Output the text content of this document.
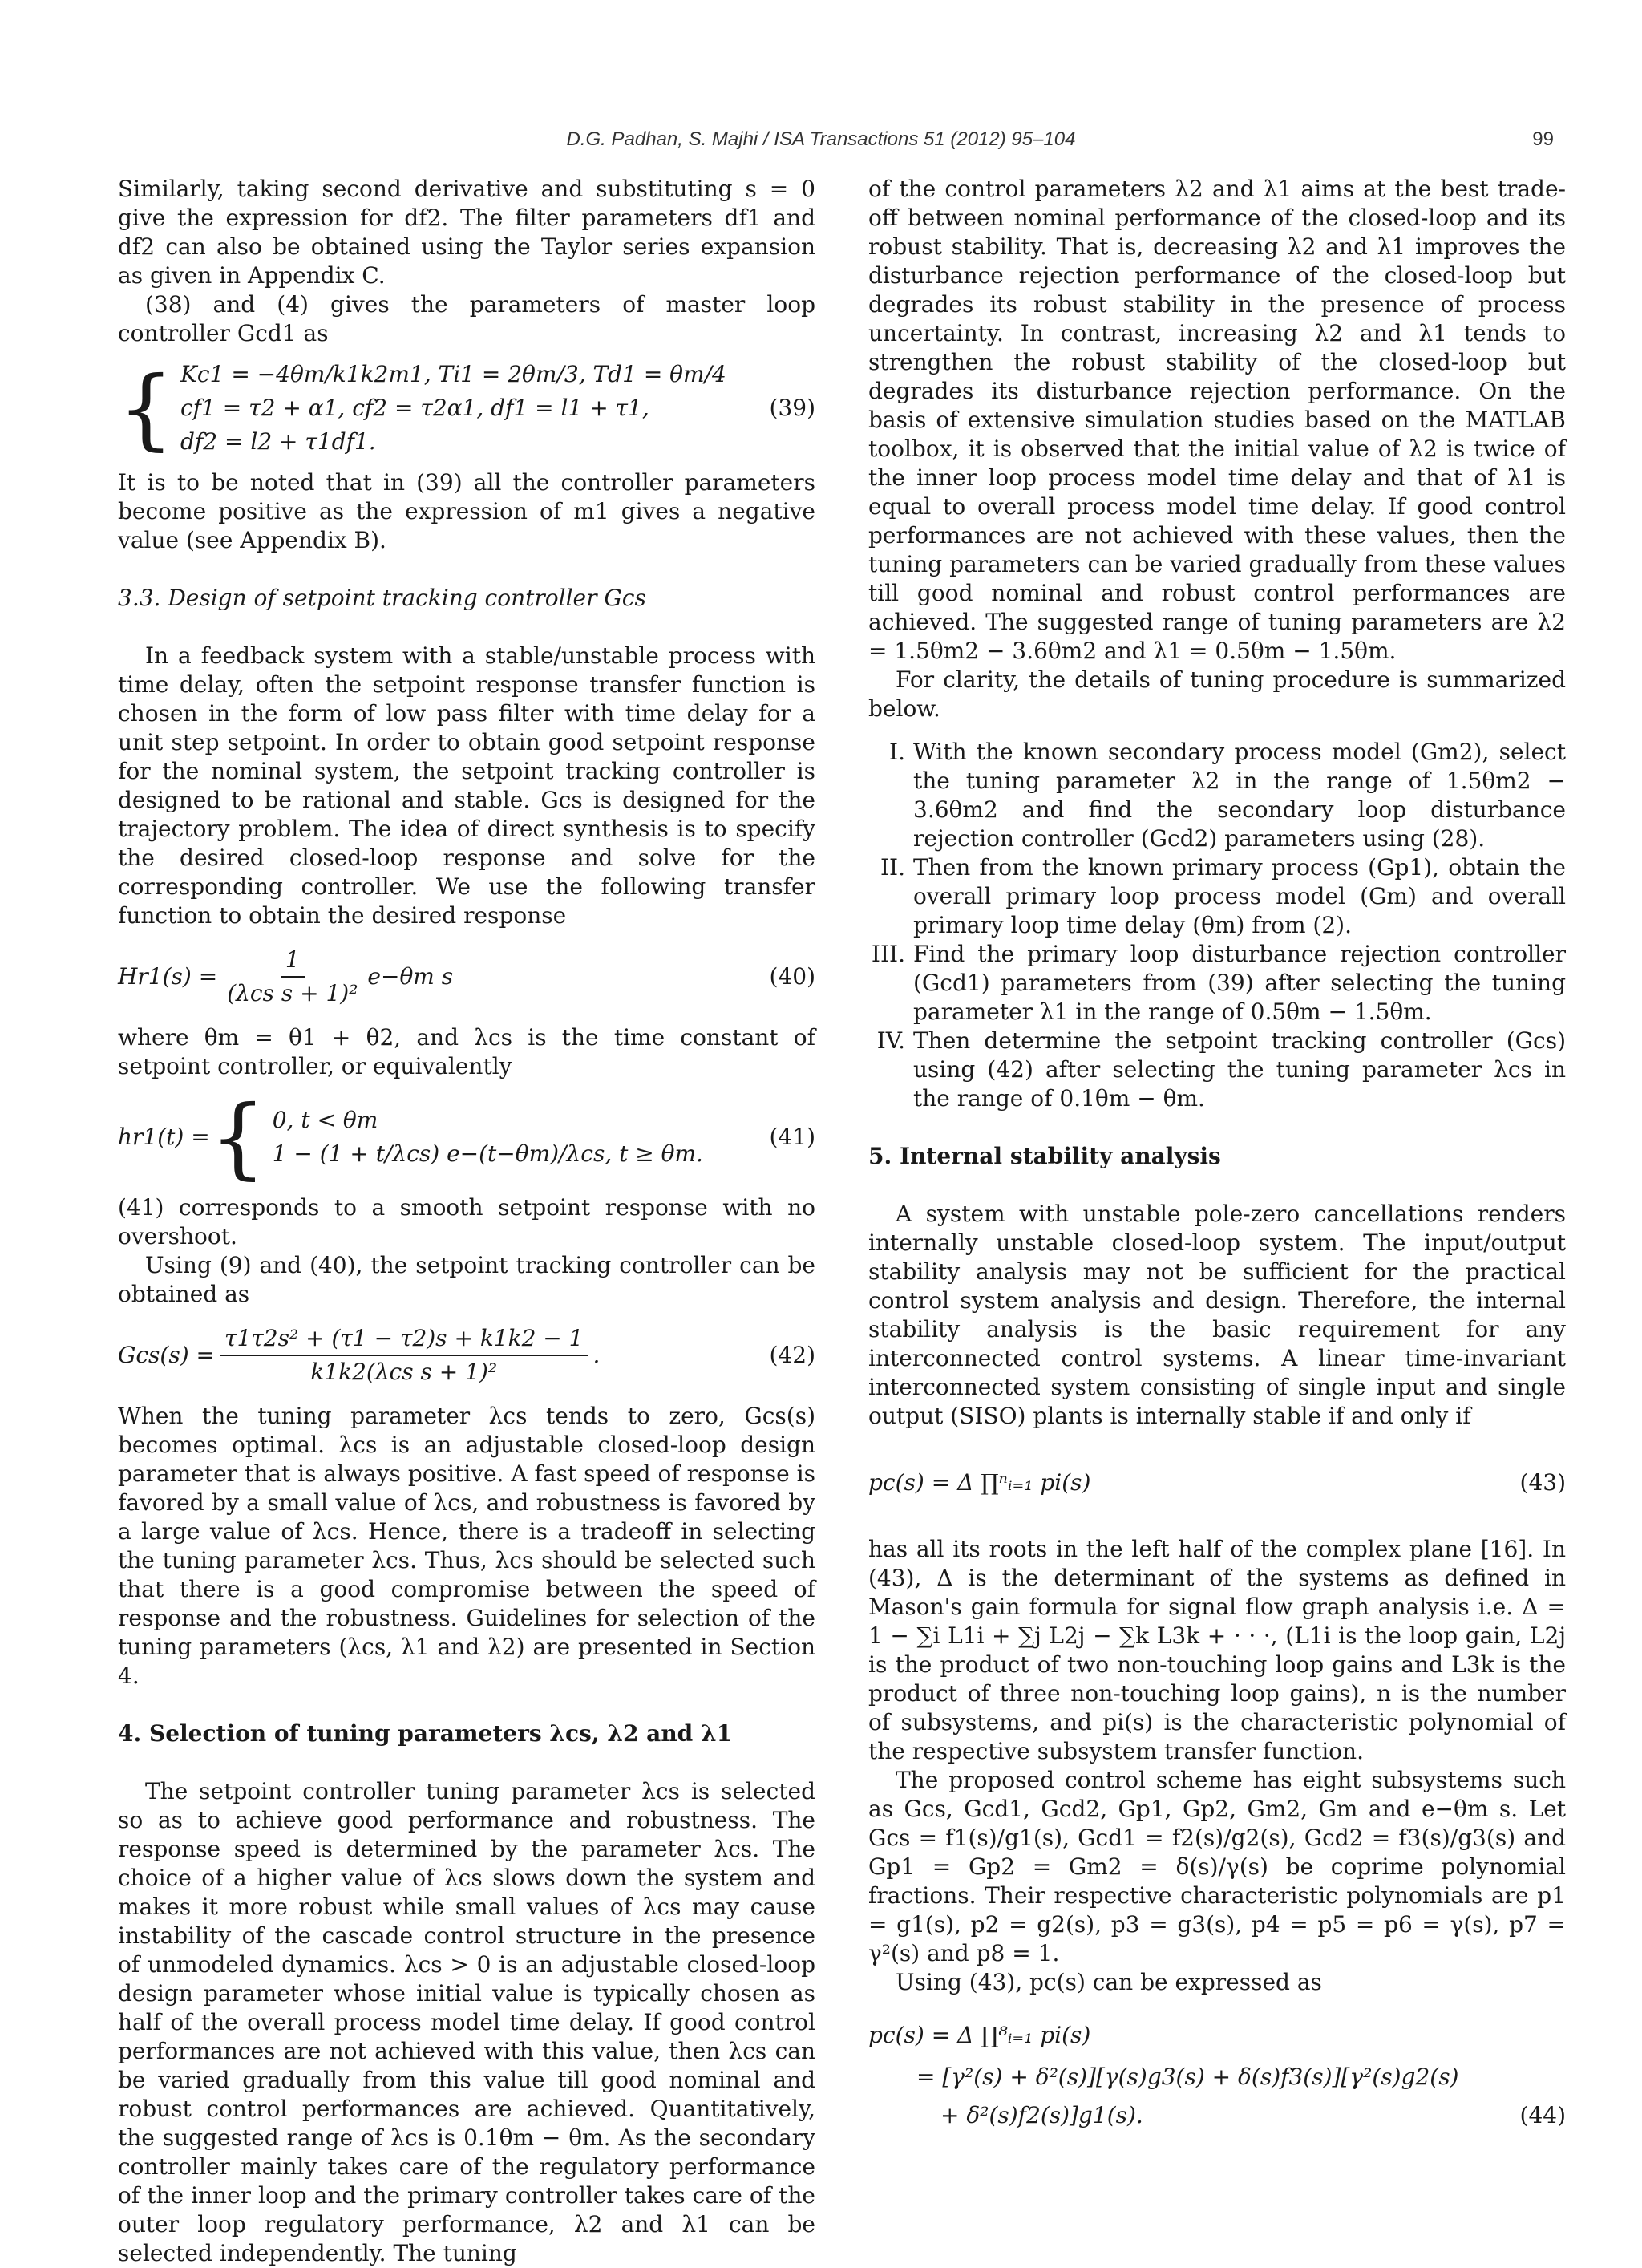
D.G. Padhan, S. Majhi / ISA Transactions 51 (2012) 95–104	99

Similarly, taking second derivative and substituting s = 0 give the expression for df2. The filter parameters df1 and df2 can also be obtained using the Taylor series expansion as given in Appendix C.

(38) and (4) gives the parameters of master loop controller Gcd1 as

{ Kc1 = −4θm/k1k2m1, Ti1 = 2θm/3, Td1 = θm/4
cf1 = τ2 + α1, cf2 = τ2α1, df1 = l1 + τ1,
df2 = l2 + τ1df1.
(39)

It is to be noted that in (39) all the controller parameters become positive as the expression of m1 gives a negative value (see Appendix B).

3.3. Design of setpoint tracking controller Gcs

In a feedback system with a stable/unstable process with time delay, often the setpoint response transfer function is chosen in the form of low pass filter with time delay for a unit step setpoint. In order to obtain good setpoint response for the nominal system, the setpoint tracking controller is designed to be rational and stable. Gcs is designed for the trajectory problem. The idea of direct synthesis is to specify the desired closed-loop response and solve for the corresponding controller. We use the following transfer function to obtain the desired response

$Hr1(s) = \frac{1}{\text{(λcs s + 1)²}} e-\theta m$ s	(40)

where θm = θ1 + θ2, and λcs is the time constant of setpoint controller, or equivalently

hr1(t) = { 0, t < θm
1 − (1 + t/λcs) e−(t−θm)/λcs, t ≥ θm.
(41)

(41) corresponds to a smooth setpoint response with no overshoot.

Using (9) and (40), the setpoint tracking controller can be obtained as

$Gcs(s) = \frac{\text{τ1τ2s² + (τ1 − τ2)s + k1k2 − 1}}{\text{k1k2(λcs s + 1)²}}$ .	(42)

When the tuning parameter λcs tends to zero, Gcs(s) becomes optimal. λcs is an adjustable closed-loop design parameter that is always positive. A fast speed of response is favored by a small value of λcs, and robustness is favored by a large value of λcs. Hence, there is a tradeoff in selecting the tuning parameter λcs. Thus, λcs should be selected such that there is a good compromise between the speed of response and the robustness. Guidelines for selection of the tuning parameters (λcs, λ1 and λ2) are presented in Section 4.

4. Selection of tuning parameters λcs, λ2 and λ1

The setpoint controller tuning parameter λcs is selected so as to achieve good performance and robustness. The response speed is determined by the parameter λcs. The choice of a higher value of λcs slows down the system and makes it more robust while small values of λcs may cause instability of the cascade control structure in the presence of unmodeled dynamics. λcs > 0 is an adjustable closed-loop design parameter whose initial value is typically chosen as half of the overall process model time delay. If good control performances are not achieved with this value, then λcs can be varied gradually from this value till good nominal and robust control performances are achieved. Quantitatively, the suggested range of λcs is 0.1θm − θm. As the secondary controller mainly takes care of the regulatory performance of the inner loop and the primary controller takes care of the outer loop regulatory performance, λ2 and λ1 can be selected independently. The tuning

of the control parameters λ2 and λ1 aims at the best trade-off between nominal performance of the closed-loop and its robust stability. That is, decreasing λ2 and λ1 improves the disturbance rejection performance of the closed-loop but degrades its robust stability in the presence of process uncertainty. In contrast, increasing λ2 and λ1 tends to strengthen the robust stability of the closed-loop but degrades its disturbance rejection performance. On the basis of extensive simulation studies based on the MATLAB toolbox, it is observed that the initial value of λ2 is twice of the inner loop process model time delay and that of λ1 is equal to overall process model time delay. If good control performances are not achieved with these values, then the tuning parameters can be varied gradually from these values till good nominal and robust control performances are achieved. The suggested range of tuning parameters are λ2 = 1.5θm2 − 3.6θm2 and λ1 = 0.5θm − 1.5θm.

For clarity, the details of tuning procedure is summarized below.

I. With the known secondary process model (Gm2), select the tuning parameter λ2 in the range of 1.5θm2 − 3.6θm2 and find the secondary loop disturbance rejection controller (Gcd2) parameters using (28).
II. Then from the known primary process (Gp1), obtain the overall primary loop process model (Gm) and overall primary loop time delay (θm) from (2).
III. Find the primary loop disturbance rejection controller (Gcd1) parameters from (39) after selecting the tuning parameter λ1 in the range of 0.5θm − 1.5θm.
IV. Then determine the setpoint tracking controller (Gcs) using (42) after selecting the tuning parameter λcs in the range of 0.1θm − θm.

5. Internal stability analysis

A system with unstable pole-zero cancellations renders internally unstable closed-loop system. The input/output stability analysis may not be sufficient for the practical control system analysis and design. Therefore, the internal stability analysis is the basic requirement for any interconnected control systems. A linear time-invariant interconnected system consisting of single input and single output (SISO) plants is internally stable if and only if

pc(s) = Δ ∏ⁿᵢ₌₁ pi(s)	(43)

has all its roots in the left half of the complex plane [16]. In (43), Δ is the determinant of the systems as defined in Mason's gain formula for signal flow graph analysis i.e. Δ = 1 − ∑i L1i + ∑j L2j − ∑k L3k + · · ·, (L1i is the loop gain, L2j is the product of two non-touching loop gains and L3k is the product of three non-touching loop gains), n is the number of subsystems, and pi(s) is the characteristic polynomial of the respective subsystem transfer function.

The proposed control scheme has eight subsystems such as Gcs, Gcd1, Gcd2, Gp1, Gp2, Gm2, Gm and e−θm s. Let Gcs = f1(s)/g1(s), Gcd1 = f2(s)/g2(s), Gcd2 = f3(s)/g3(s) and Gp1 = Gp2 = Gm2 = δ(s)/γ(s) be coprime polynomial fractions. Their respective characteristic polynomials are p1 = g1(s), p2 = g2(s), p3 = g3(s), p4 = p5 = p6 = γ(s), p7 = γ²(s) and p8 = 1.

Using (43), pc(s) can be expressed as

pc(s) = Δ ∏⁸ᵢ₌₁ pi(s)
= [γ²(s) + δ²(s)][γ(s)g3(s) + δ(s)f3(s)][γ²(s)g2(s)
+ δ²(s)f2(s)]g1(s).	(44)
